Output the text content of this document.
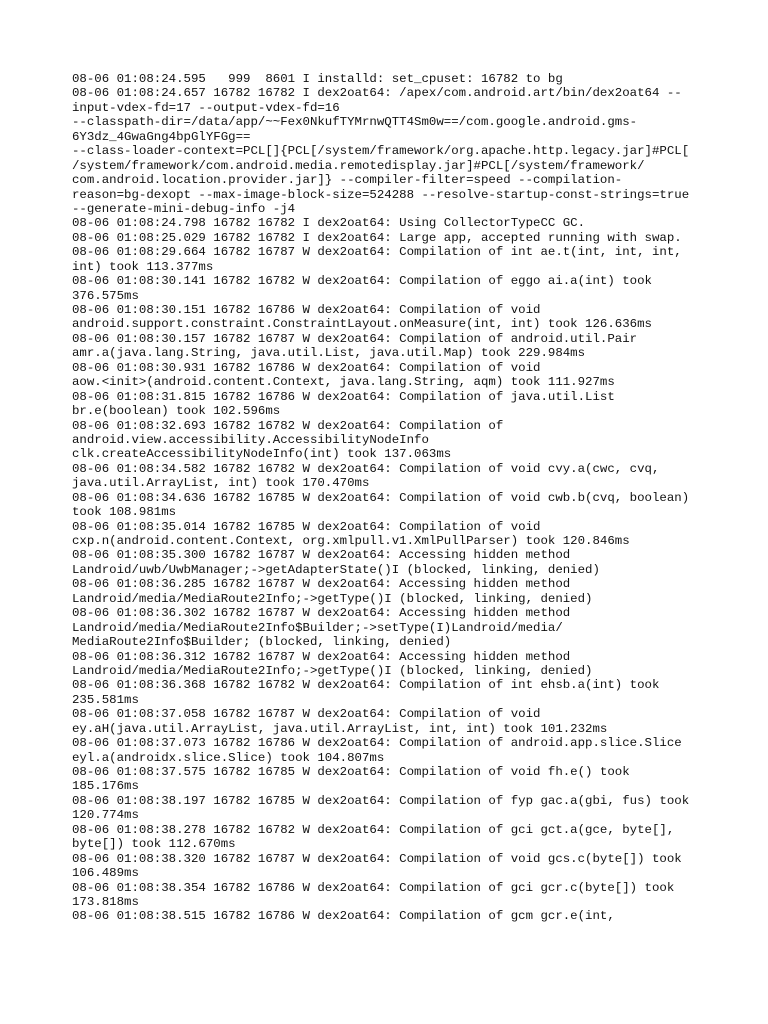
08-06 01:08:24.595   999  8601 I installd: set_cpuset: 16782 to bg
08-06 01:08:24.657 16782 16782 I dex2oat64: /apex/com.android.art/bin/dex2oat64 --
input-vdex-fd=17 --output-vdex-fd=16
--classpath-dir=/data/app/~~Fex0NkufTYMrnwQTT4Sm0w==/com.google.android.gms-
6Y3dz_4GwaGng4bpGlYFGg==
--class-loader-context=PCL[]{PCL[/system/framework/org.apache.http.legacy.jar]#PCL[
/system/framework/com.android.media.remotedisplay.jar]#PCL[/system/framework/
com.android.location.provider.jar]} --compiler-filter=speed --compilation-
reason=bg-dexopt --max-image-block-size=524288 --resolve-startup-const-strings=true
--generate-mini-debug-info -j4
08-06 01:08:24.798 16782 16782 I dex2oat64: Using CollectorTypeCC GC.
08-06 01:08:25.029 16782 16782 I dex2oat64: Large app, accepted running with swap.
08-06 01:08:29.664 16782 16787 W dex2oat64: Compilation of int ae.t(int, int, int,
int) took 113.377ms
08-06 01:08:30.141 16782 16782 W dex2oat64: Compilation of eggo ai.a(int) took
376.575ms
08-06 01:08:30.151 16782 16786 W dex2oat64: Compilation of void
android.support.constraint.ConstraintLayout.onMeasure(int, int) took 126.636ms
08-06 01:08:30.157 16782 16787 W dex2oat64: Compilation of android.util.Pair
amr.a(java.lang.String, java.util.List, java.util.Map) took 229.984ms
08-06 01:08:30.931 16782 16786 W dex2oat64: Compilation of void
aow.<init>(android.content.Context, java.lang.String, aqm) took 111.927ms
08-06 01:08:31.815 16782 16786 W dex2oat64: Compilation of java.util.List
br.e(boolean) took 102.596ms
08-06 01:08:32.693 16782 16782 W dex2oat64: Compilation of
android.view.accessibility.AccessibilityNodeInfo
clk.createAccessibilityNodeInfo(int) took 137.063ms
08-06 01:08:34.582 16782 16782 W dex2oat64: Compilation of void cvy.a(cwc, cvq,
java.util.ArrayList, int) took 170.470ms
08-06 01:08:34.636 16782 16785 W dex2oat64: Compilation of void cwb.b(cvq, boolean)
took 108.981ms
08-06 01:08:35.014 16782 16785 W dex2oat64: Compilation of void
cxp.n(android.content.Context, org.xmlpull.v1.XmlPullParser) took 120.846ms
08-06 01:08:35.300 16782 16787 W dex2oat64: Accessing hidden method
Landroid/uwb/UwbManager;->getAdapterState()I (blocked, linking, denied)
08-06 01:08:36.285 16782 16787 W dex2oat64: Accessing hidden method
Landroid/media/MediaRoute2Info;->getType()I (blocked, linking, denied)
08-06 01:08:36.302 16782 16787 W dex2oat64: Accessing hidden method
Landroid/media/MediaRoute2Info$Builder;->setType(I)Landroid/media/
MediaRoute2Info$Builder; (blocked, linking, denied)
08-06 01:08:36.312 16782 16787 W dex2oat64: Accessing hidden method
Landroid/media/MediaRoute2Info;->getType()I (blocked, linking, denied)
08-06 01:08:36.368 16782 16782 W dex2oat64: Compilation of int ehsb.a(int) took
235.581ms
08-06 01:08:37.058 16782 16787 W dex2oat64: Compilation of void
ey.aH(java.util.ArrayList, java.util.ArrayList, int, int) took 101.232ms
08-06 01:08:37.073 16782 16786 W dex2oat64: Compilation of android.app.slice.Slice
eyl.a(androidx.slice.Slice) took 104.807ms
08-06 01:08:37.575 16782 16785 W dex2oat64: Compilation of void fh.e() took
185.176ms
08-06 01:08:38.197 16782 16785 W dex2oat64: Compilation of fyp gac.a(gbi, fus) took
120.774ms
08-06 01:08:38.278 16782 16782 W dex2oat64: Compilation of gci gct.a(gce, byte[],
byte[]) took 112.670ms
08-06 01:08:38.320 16782 16787 W dex2oat64: Compilation of void gcs.c(byte[]) took
106.489ms
08-06 01:08:38.354 16782 16786 W dex2oat64: Compilation of gci gcr.c(byte[]) took
173.818ms
08-06 01:08:38.515 16782 16786 W dex2oat64: Compilation of gcm gcr.e(int,
